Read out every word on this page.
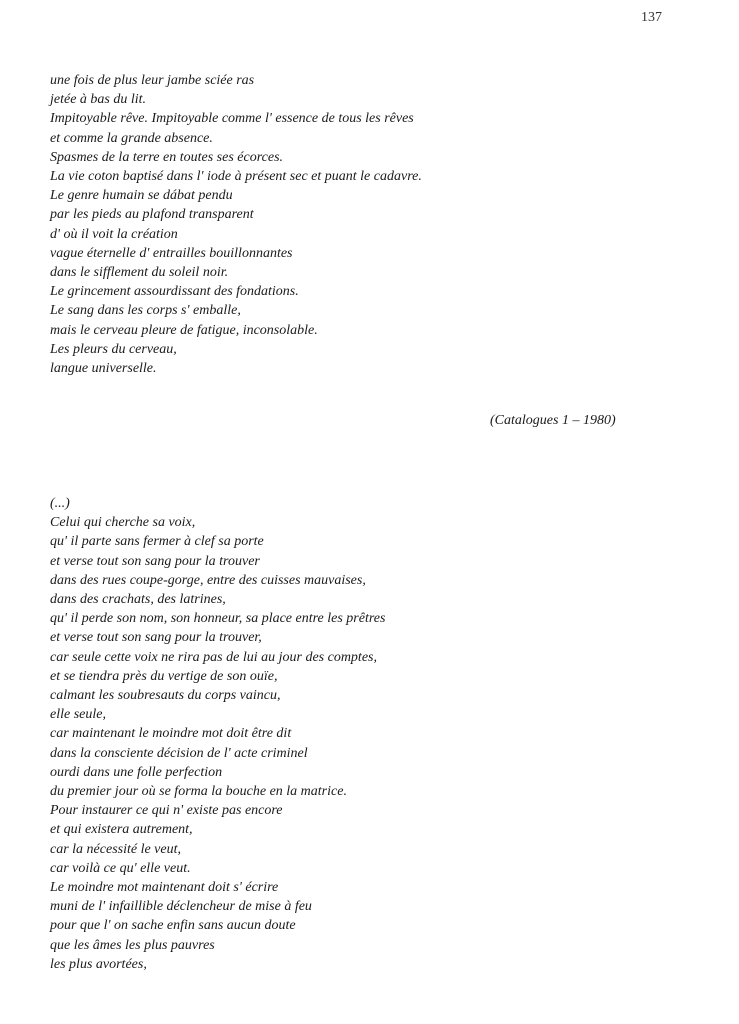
137
une fois de plus leur jambe sciée ras
jetée à bas du lit.
Impitoyable rêve. Impitoyable comme l' essence de tous les rêves
et comme la grande absence.
Spasmes de la terre en toutes ses écorces.
La vie coton baptisé dans l' iode à présent sec et puant le cadavre.
Le genre humain se dábat pendu
par les pieds au plafond transparent
d' où il voit la création
vague éternelle d' entrailles bouillonnantes
dans le sifflement du soleil noir.
Le grincement assourdissant des fondations.
Le sang dans les corps s' emballe,
mais le cerveau pleure de fatigue, inconsolable.
Les pleurs du cerveau,
langue universelle.
(Catalogues 1 – 1980)
(...)
Celui qui cherche sa voix,
qu' il parte sans fermer à clef sa porte
et verse tout son sang pour la trouver
dans des rues coupe-gorge, entre des cuisses mauvaises,
dans des crachats, des latrines,
qu' il perde son nom, son honneur, sa place entre les prêtres
et verse tout son sang pour la trouver,
car seule cette voix ne rira pas de lui au jour des comptes,
et se tiendra près du vertige de son ouïe,
calmant les soubresauts du corps vaincu,
elle seule,
car maintenant le moindre mot doit être dit
dans la consciente décision de l' acte criminel
ourdi dans une folle perfection
du premier jour où se forma la bouche en la matrice.
Pour instaurer ce qui n' existe pas encore
et qui existera autrement,
car la nécessité le veut,
car voilà ce qu' elle veut.
Le moindre mot maintenant doit s' écrire
muni de l' infaillible déclencheur de mise à feu
pour que l' on sache enfin sans aucun doute
que les âmes les plus pauvres
les plus avortées,
